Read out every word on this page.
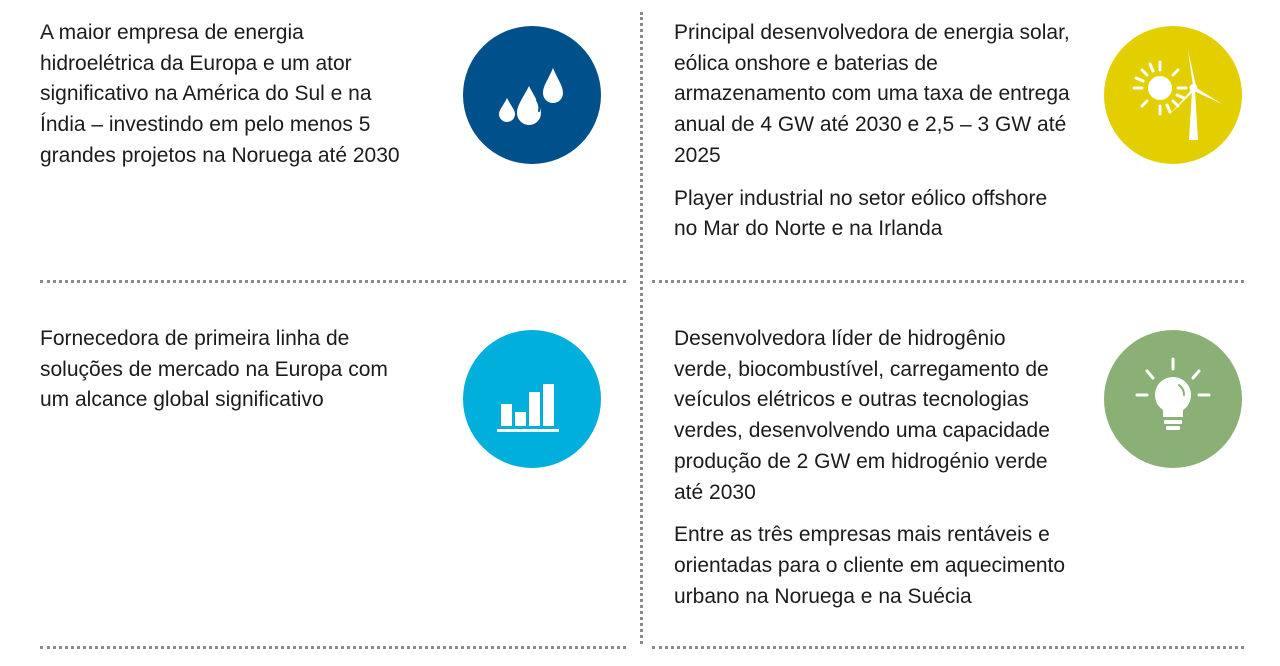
A maior empresa de energia hidroelétrica da Europa e um ator significativo na América do Sul e na Índia – investindo em pelo menos 5 grandes projetos na Noruega até 2030

Principal desenvolvedora de energia solar, eólica onshore e baterias de armazenamento com uma taxa de entrega anual de 4 GW até 2030 e 2,5 – 3 GW até 2025

Player industrial no setor eólico offshore no Mar do Norte e na Irlanda

Fornecedora de primeira linha de soluções de mercado na Europa com um alcance global significativo

Desenvolvedora líder de hidrogênio verde, biocombustível, carregamento de veículos elétricos e outras tecnologias verdes, desenvolvendo uma capacidade produção de 2 GW em hidrogénio verde até 2030

Entre as três empresas mais rentáveis e orientadas para o cliente em aquecimento urbano na Noruega e na Suécia
